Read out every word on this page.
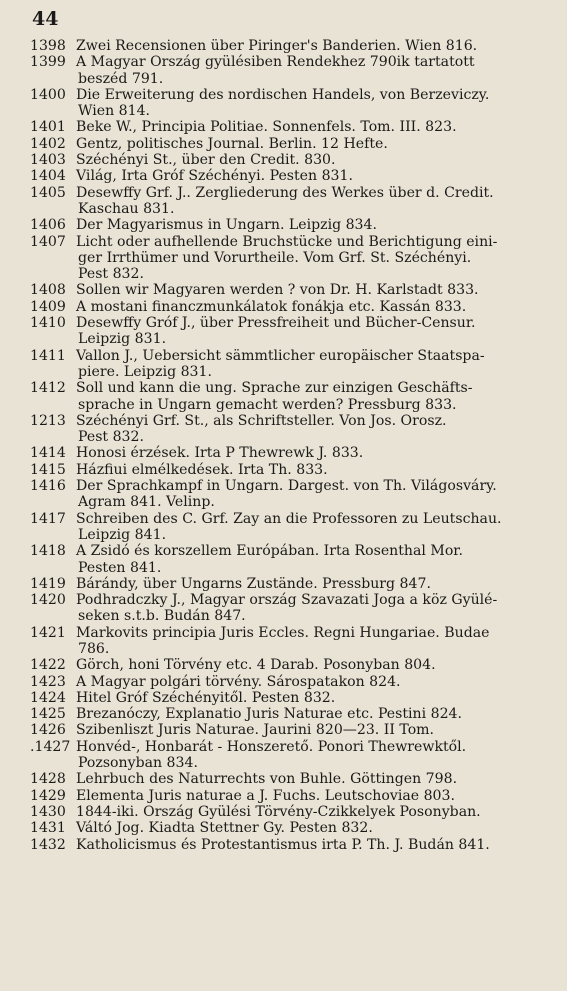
44
1398 Zwei Recensionen über Piringer's Banderien. Wien 816.
1399 A Magyar Ország gyülésiben Rendekhez 790ik tartatott
beszéd 791.
1400 Die Erweiterung des nordischen Handels, von Berzeviczy.
Wien 814.
1401 Beke W., Principia Politiae. Sonnenfels. Tom. III. 823.
1402 Gentz, politisches Journal. Berlin. 12 Hefte.
1403 Széchényi St., über den Credit. 830.
1404 Világ, Irta Gróf Széchényi. Pesten 831.
1405 Desewffy Grf. J.. Zergliederung des Werkes über d. Credit.
Kaschau 831.
1406 Der Magyarismus in Ungarn. Leipzig 834.
1407 Licht oder aufhellende Bruchstücke und Berichtigung eini-
ger Irrthümer und Vorurtheile. Vom Grf. St. Széchényi.
Pest 832.
1408 Sollen wir Magyaren werden ? von Dr. H. Karlstadt 833.
1409 A mostani financzmunkálatok fonákja etc. Kassán 833.
1410 Desewffy Gróf J., über Pressfreiheit und Bücher-Censur.
Leipzig 831.
1411 Vallon J., Uebersicht sämmtlicher europäischer Staatspa-
piere. Leipzig 831.
1412 Soll und kann die ung. Sprache zur einzigen Geschäfts-
sprache in Ungarn gemacht werden? Pressburg 833.
1213 Széchényi Grf. St., als Schriftsteller. Von Jos. Orosz.
Pest 832.
1414 Honosi érzések. Irta P Thewrewk J. 833.
1415 Házfiui elmélkedések. Irta Th. 833.
1416 Der Sprachkampf in Ungarn. Dargest. von Th. Világosváry.
Agram 841. Velinp.
1417 Schreiben des C. Grf. Zay an die Professoren zu Leutschau.
Leipzig 841.
1418 A Zsidó és korszellem Európában. Irta Rosenthal Mor.
Pesten 841.
1419 Bárándy, über Ungarns Zustände. Pressburg 847.
1420 Podhradczky J., Magyar ország Szavazati Joga a köz Gyülé-
seken s.t.b. Budán 847.
1421 Markovits principia Juris Eccles. Regni Hungariae. Budae
786.
1422 Görch, honi Törvény etc. 4 Darab. Posonyban 804.
1423 A Magyar polgári törvény. Sárospatakon 824.
1424 Hitel Gróf Széchényitől. Pesten 832.
1425 Brezanóczy, Explanatio Juris Naturae etc. Pestini 824.
1426 Szibenliszt Juris Naturae. Jaurini 820—23. II Tom.
.1427 Honvéd-, Honbarát - Honszerető. Ponori Thewrewktől.
Pozsonyban 834.
1428 Lehrbuch des Naturrechts von Buhle. Göttingen 798.
1429 Elementa Juris naturae a J. Fuchs. Leutschoviae 803.
1430 1844-iki. Ország Gyülési Törvény-Czikkelyek Posonyban.
1431 Váltó Jog. Kiadta Stettner Gy. Pesten 832.
1432 Katholicismus és Protestantismus irta P. Th. J. Budán 841.
